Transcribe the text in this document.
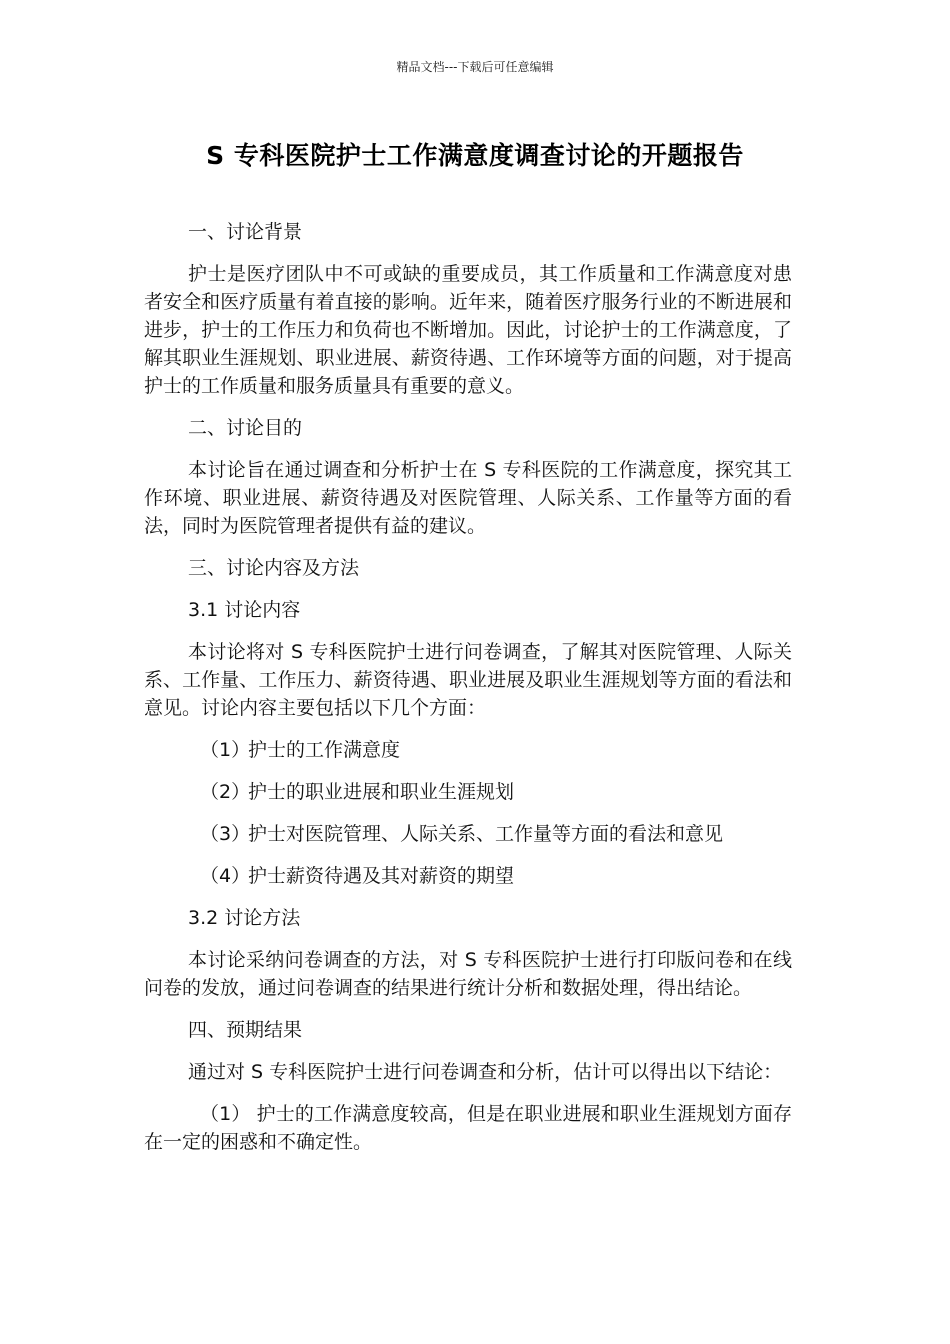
精品文档---下载后可任意编辑
S 专科医院护士工作满意度调查讨论的开题报告
一、讨论背景
护士是医疗团队中不可或缺的重要成员，其工作质量和工作满意度对患者安全和医疗质量有着直接的影响。近年来，随着医疗服务行业的不断进展和进步，护士的工作压力和负荷也不断增加。因此，讨论护士的工作满意度，了解其职业生涯规划、职业进展、薪资待遇、工作环境等方面的问题，对于提高护士的工作质量和服务质量具有重要的意义。
二、讨论目的
本讨论旨在通过调查和分析护士在 S 专科医院的工作满意度，探究其工作环境、职业进展、薪资待遇及对医院管理、人际关系、工作量等方面的看法，同时为医院管理者提供有益的建议。
三、讨论内容及方法
3.1 讨论内容
本讨论将对 S 专科医院护士进行问卷调查，了解其对医院管理、人际关系、工作量、工作压力、薪资待遇、职业进展及职业生涯规划等方面的看法和意见。讨论内容主要包括以下几个方面：
（1）护士的工作满意度
（2）护士的职业进展和职业生涯规划
（3）护士对医院管理、人际关系、工作量等方面的看法和意见
（4）护士薪资待遇及其对薪资的期望
3.2 讨论方法
本讨论采纳问卷调查的方法，对 S 专科医院护士进行打印版问卷和在线问卷的发放，通过问卷调查的结果进行统计分析和数据处理，得出结论。
四、预期结果
通过对 S 专科医院护士进行问卷调查和分析，估计可以得出以下结论：
（1） 护士的工作满意度较高，但是在职业进展和职业生涯规划方面存在一定的困惑和不确定性。
